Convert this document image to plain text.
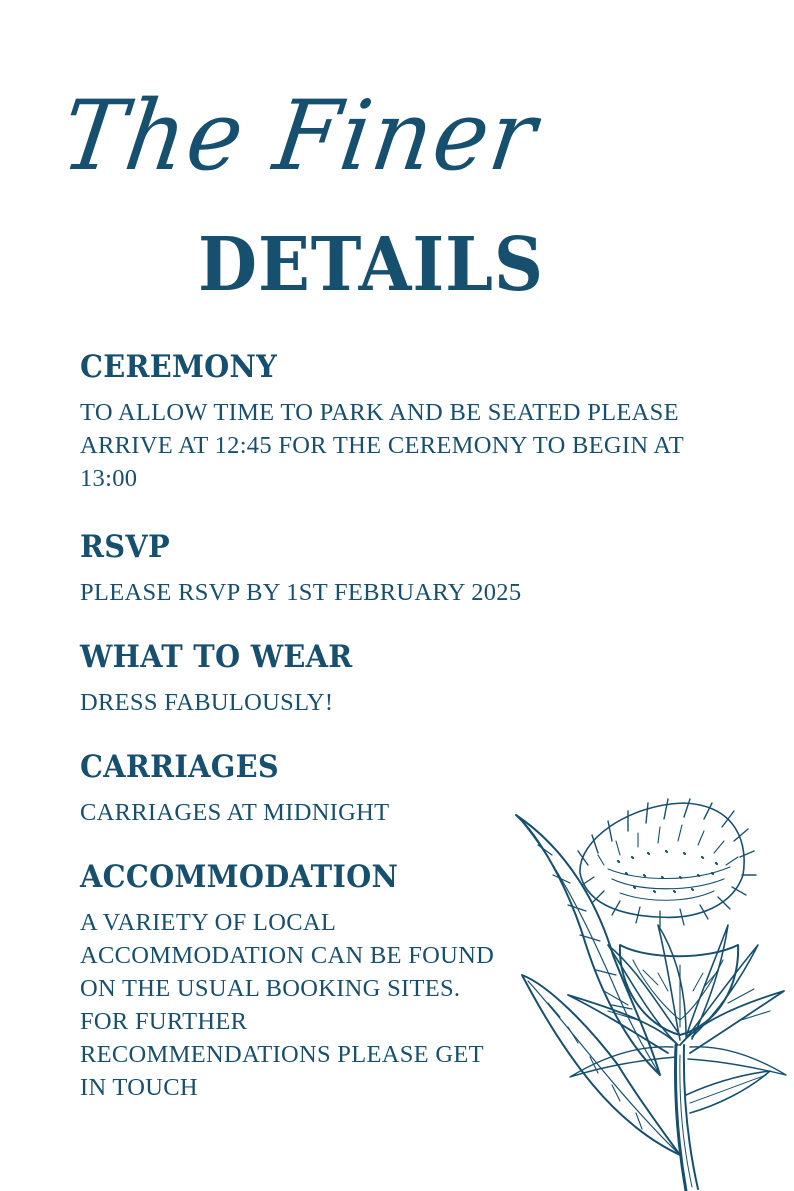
The Finer
DETAILS
CEREMONY
TO ALLOW TIME TO PARK AND BE SEATED PLEASE ARRIVE AT 12:45 FOR THE CEREMONY TO BEGIN AT 13:00
RSVP
PLEASE RSVP BY 1ST FEBRUARY 2025
WHAT TO WEAR
DRESS FABULOUSLY!
CARRIAGES
CARRIAGES AT MIDNIGHT
ACCOMMODATION
A VARIETY OF LOCAL ACCOMMODATION CAN BE FOUND ON THE USUAL BOOKING SITES. FOR FURTHER RECOMMENDATIONS PLEASE GET IN TOUCH
